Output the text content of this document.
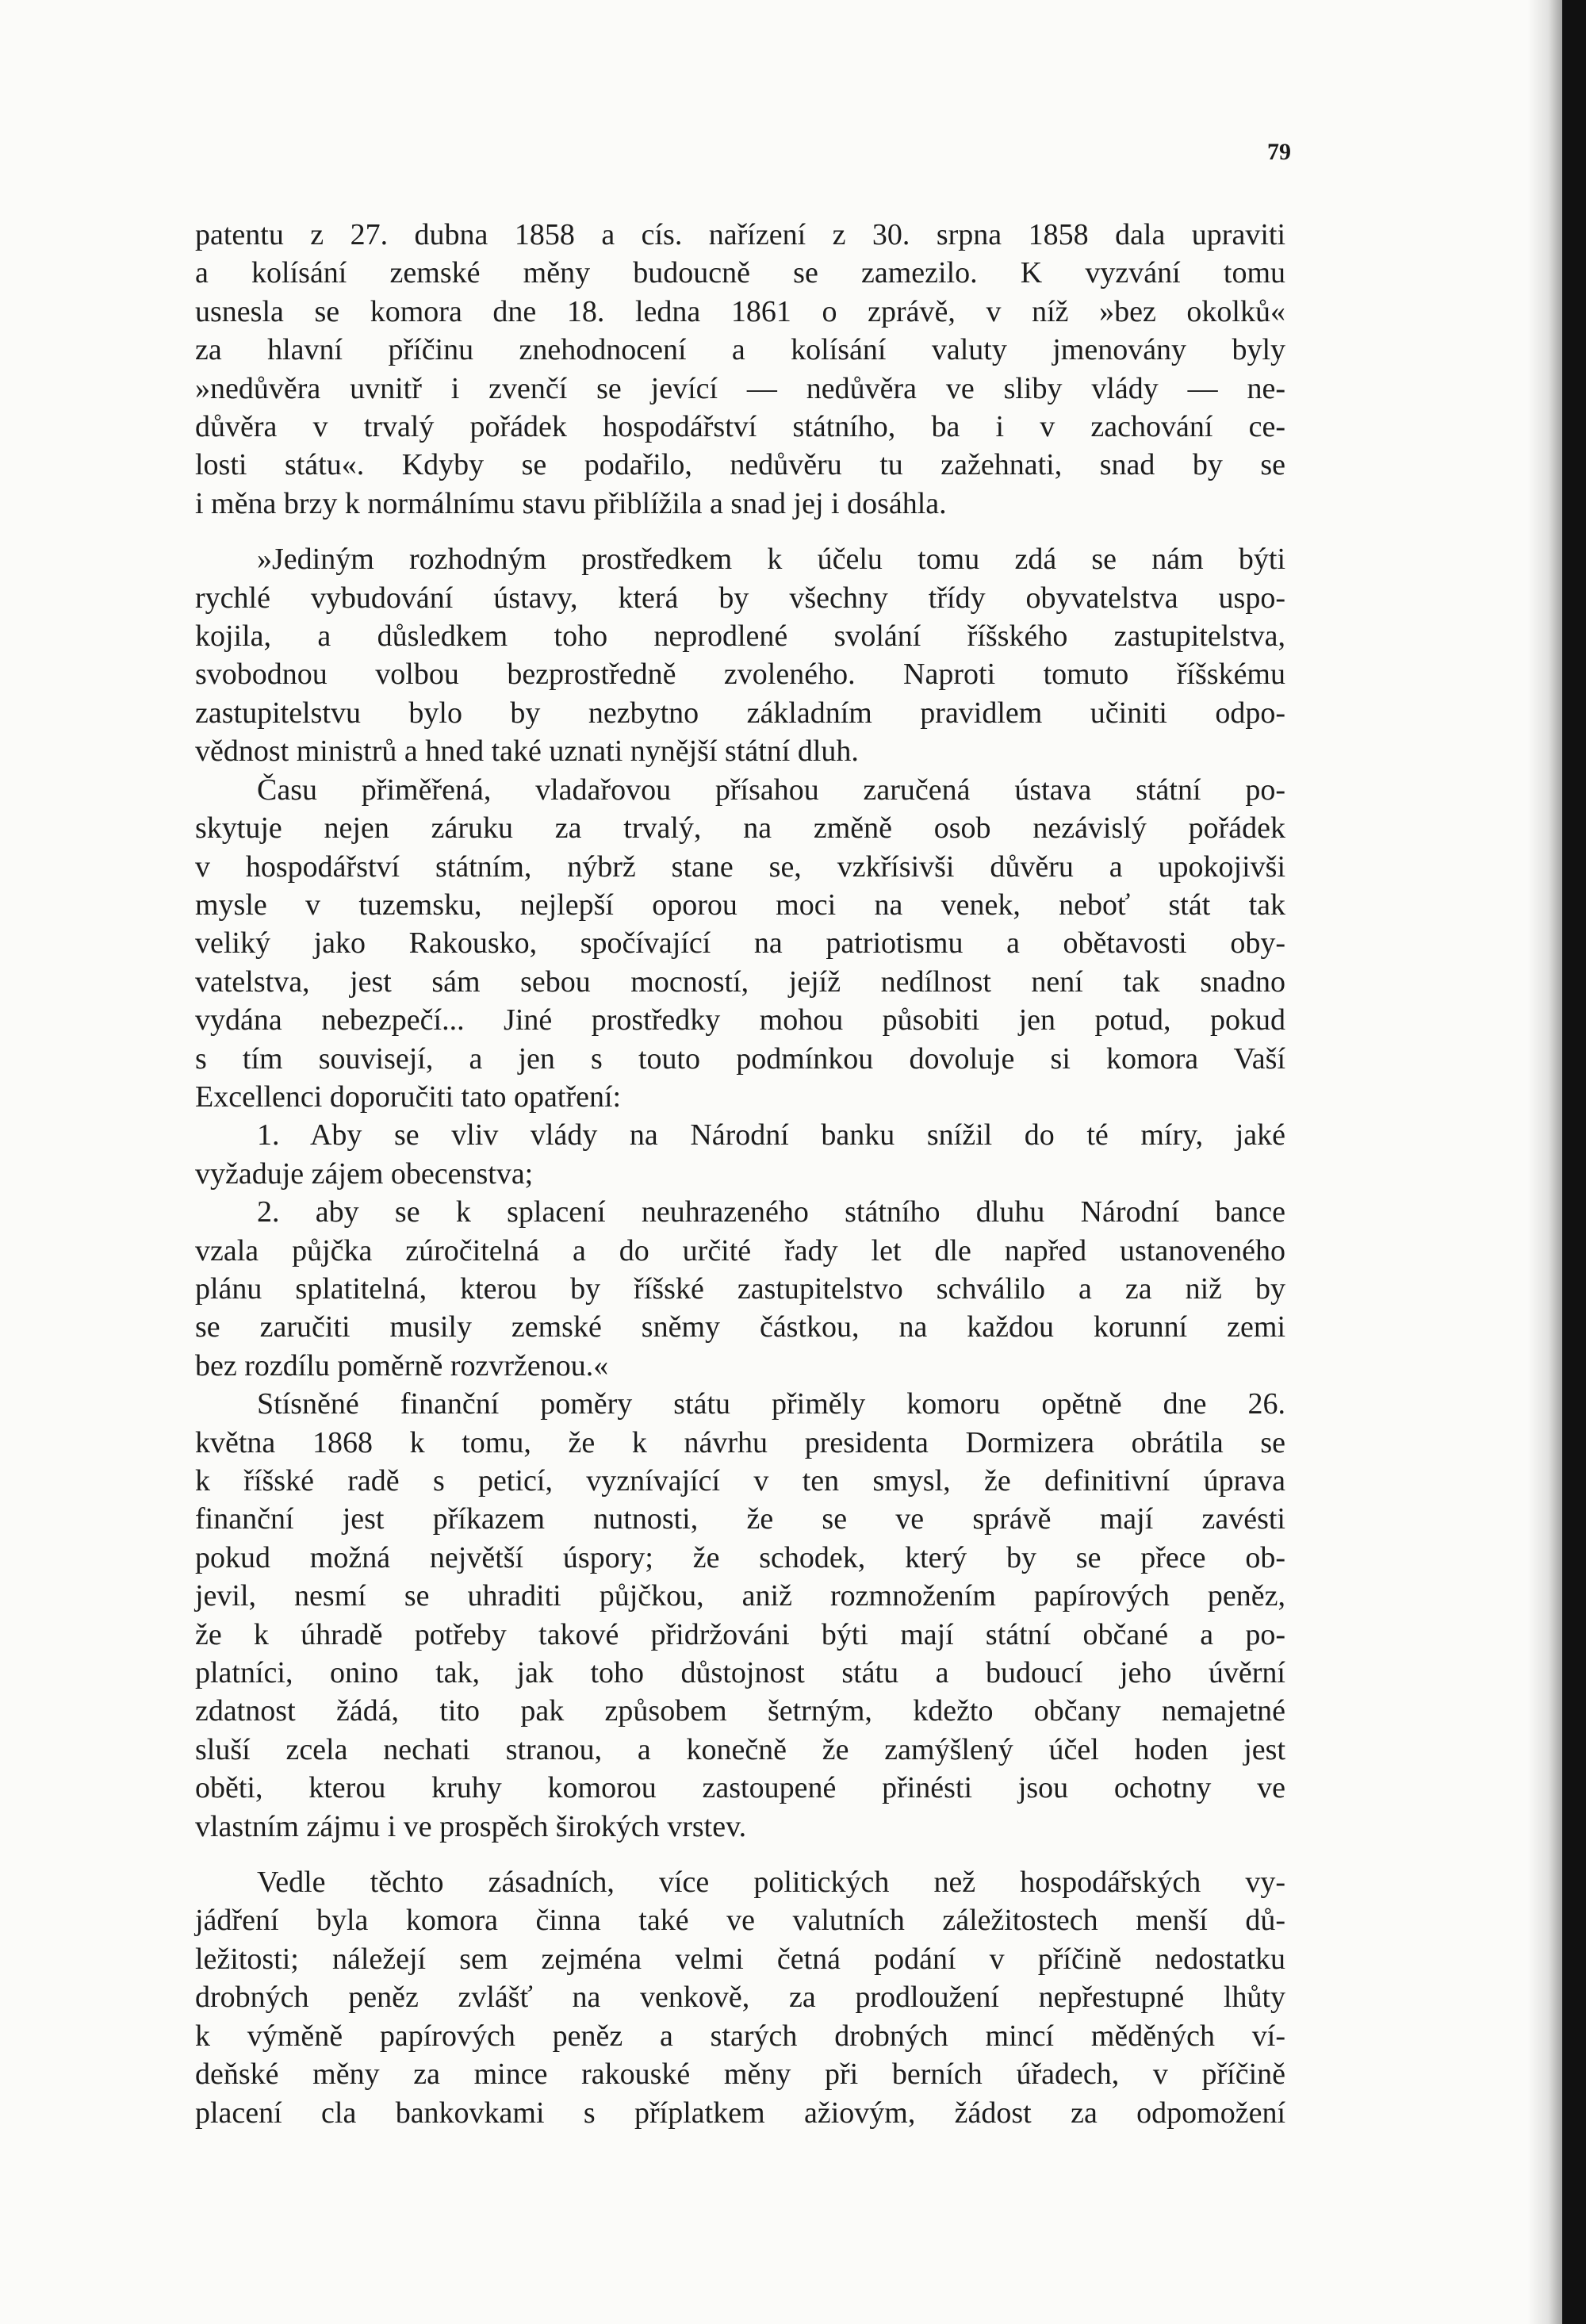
79

patentu z 27. dubna 1858 a cís. nařízení z 30. srpna 1858 dala upraviti
a kolísání zemské měny budoucně se zamezilo. K vyzvání tomu
usnesla se komora dne 18. ledna 1861 o zprávě, v níž »bez okolků«
za hlavní příčinu znehodnocení a kolísání valuty jmenovány byly
»nedůvěra uvnitř i zvenčí se jevící — nedůvěra ve sliby vlády — ne-
důvěra v trvalý pořádek hospodářství státního, ba i v zachování ce-
losti státu«. Kdyby se podařilo, nedůvěru tu zažehnati, snad by se
i měna brzy k normálnímu stavu přiblížila a snad jej i dosáhla.

»Jediným rozhodným prostředkem k účelu tomu zdá se nám býti
rychlé vybudování ústavy, která by všechny třídy obyvatelstva uspo-
kojila, a důsledkem toho neprodlené svolání říšského zastupitelstva,
svobodnou volbou bezprostředně zvoleného. Naproti tomuto říšskému
zastupitelstvu bylo by nezbytno základním pravidlem učiniti odpo-
vědnost ministrů a hned také uznati nynější státní dluh.

Času přiměřená, vladařovou přísahou zaručená ústava státní po-
skytuje nejen záruku za trvalý, na změně osob nezávislý pořádek
v hospodářství státním, nýbrž stane se, vzkřísivši důvěru a upokojivši
mysle v tuzemsku, nejlepší oporou moci na venek, neboť stát tak
veliký jako Rakousko, spočívající na patriotismu a obětavosti oby-
vatelstva, jest sám sebou mocností, jejíž nedílnost není tak snadno
vydána nebezpečí... Jiné prostředky mohou působiti jen potud, pokud
s tím souvisejí, a jen s touto podmínkou dovoluje si komora Vaší
Excellenci doporučiti tato opatření:

1. Aby se vliv vlády na Národní banku snížil do té míry, jaké
vyžaduje zájem obecenstva;

2. aby se k splacení neuhrazeného státního dluhu Národní bance
vzala půjčka zúročitelná a do určité řady let dle napřed ustanoveného
plánu splatitelná, kterou by říšské zastupitelstvo schválilo a za niž by
se zaručiti musily zemské sněmy částkou, na každou korunní zemi
bez rozdílu poměrně rozvrženou.«

Stísněné finanční poměry státu přiměly komoru opětně dne 26.
května 1868 k tomu, že k návrhu presidenta Dormizera obrátila se
k říšské radě s peticí, vyznívající v ten smysl, že definitivní úprava
finanční jest příkazem nutnosti, že se ve správě mají zavésti
pokud možná největší úspory; že schodek, který by se přece ob-
jevil, nesmí se uhraditi půjčkou, aniž rozmnožením papírových peněz,
že k úhradě potřeby takové přidržováni býti mají státní občané a po-
platníci, onino tak, jak toho důstojnost státu a budoucí jeho úvěrní
zdatnost žádá, tito pak způsobem šetrným, kdežto občany nemajetné
sluší zcela nechati stranou, a konečně že zamýšlený účel hoden jest
oběti, kterou kruhy komorou zastoupené přinésti jsou ochotny ve
vlastním zájmu i ve prospěch širokých vrstev.

Vedle těchto zásadních, více politických než hospodářských vy-
jádření byla komora činna také ve valutních záležitostech menší dů-
ležitosti; náležejí sem zejména velmi četná podání v příčině nedostatku
drobných peněz zvlášť na venkově, za prodloužení nepřestupné lhůty
k výměně papírových peněz a starých drobných mincí měděných ví-
deňské měny za mince rakouské měny při berních úřadech, v příčině
placení cla bankovkami s příplatkem ažiovým, žádost za odpomožení
